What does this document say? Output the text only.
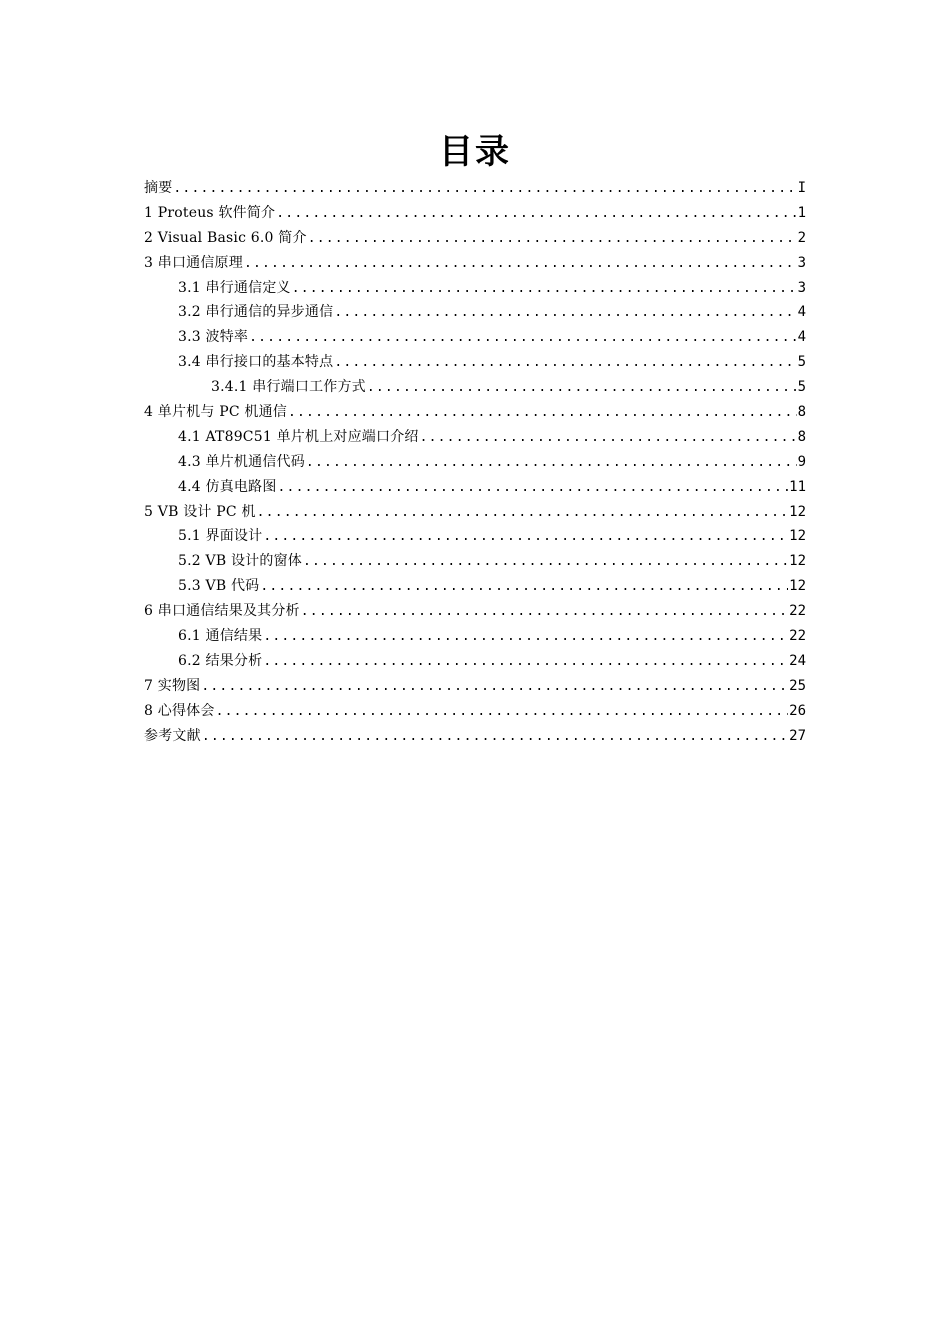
目录
摘要 .....	I
1 Proteus 软件简介 .....	1
2 Visual Basic 6.0 简介 .....	2
3 串口通信原理 .....	3
3.1 串行通信定义 .....	3
3.2 串行通信的异步通信 .....	4
3.3 波特率 .....	4
3.4 串行接口的基本特点 .....	5
3.4.1 串行端口工作方式 .....	5
4 单片机与 PC 机通信 .....	8
4.1 AT89C51 单片机上对应端口介绍 .....	8
4.3 单片机通信代码 .....	9
4.4 仿真电路图 .....	11
5 VB 设计 PC 机 .....	12
5.1 界面设计 .....	12
5.2 VB 设计的窗体 .....	12
5.3 VB 代码 .....	12
6 串口通信结果及其分析 .....	22
6.1 通信结果 .....	22
6.2 结果分析 .....	24
7 实物图 .....	25
8 心得体会 .....	26
参考文献 .....	27
